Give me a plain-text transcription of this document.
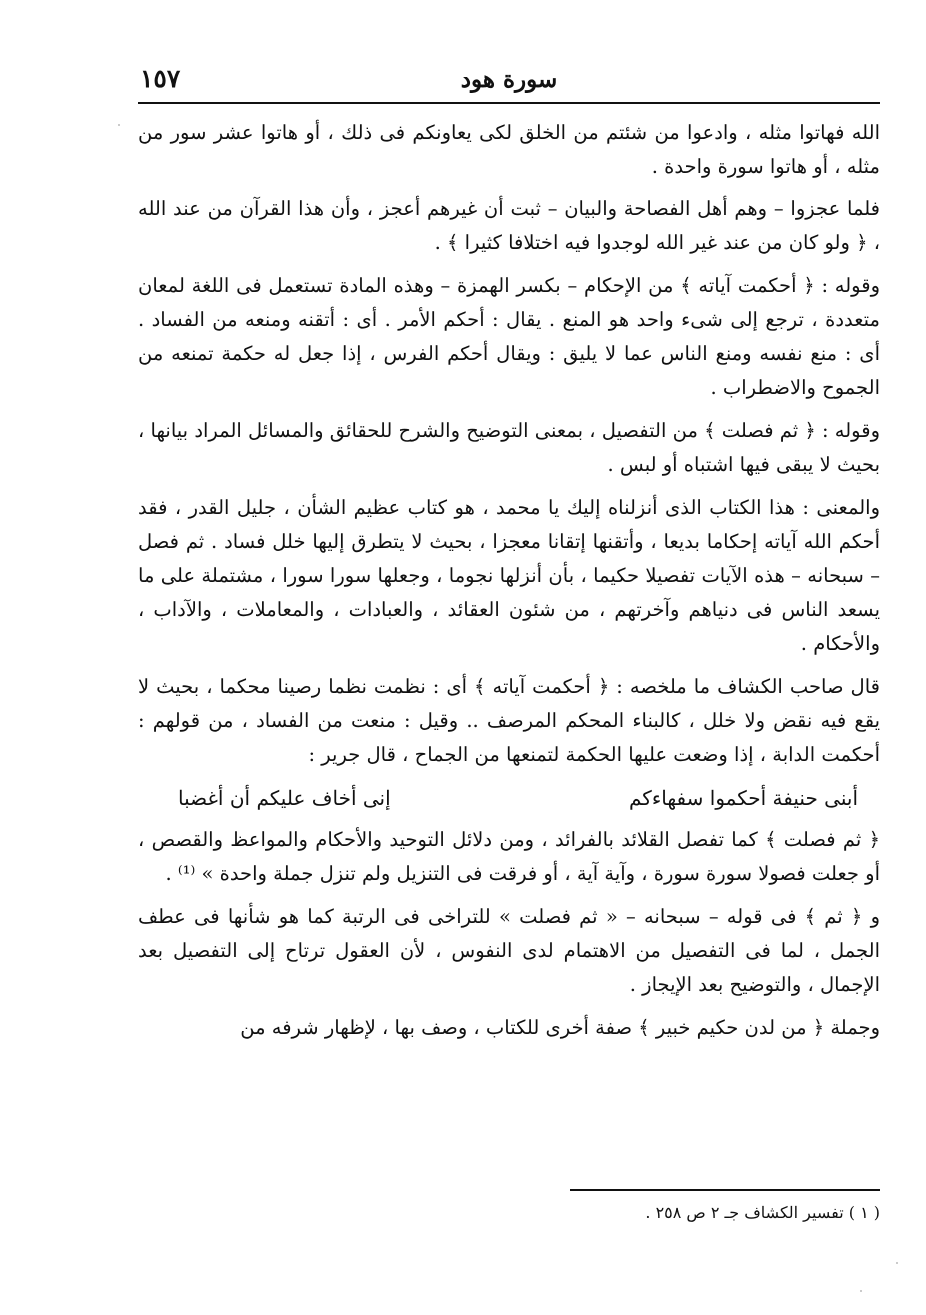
١٥٧	سورة هود

الله فهاتوا مثله ، وادعوا من شئتم من الخلق لكى يعاونكم فى ذلك ، أو هاتوا عشر سور من مثله ، أو هاتوا سورة واحدة .

فلما عجزوا – وهم أهل الفصاحة والبيان – ثبت أن غيرهم أعجز ، وأن هذا القرآن من عند الله ، ﴿ ولو كان من عند غير الله لوجدوا فيه اختلافا كثيرا ﴾ .

وقوله : ﴿ أحكمت آياته ﴾ من الإحكام – بكسر الهمزة – وهذه المادة تستعمل فى اللغة لمعان متعددة ، ترجع إلى شىء واحد هو المنع . يقال : أحكم الأمر . أى : أتقنه ومنعه من الفساد . أى : منع نفسه ومنع الناس عما لا يليق : ويقال أحكم الفرس ، إذا جعل له حكمة تمنعه من الجموح والاضطراب .

وقوله : ﴿ ثم فصلت ﴾ من التفصيل ، بمعنى التوضيح والشرح للحقائق والمسائل المراد بيانها ، بحيث لا يبقى فيها اشتباه أو لبس .

والمعنى : هذا الكتاب الذى أنزلناه إليك يا محمد ، هو كتاب عظيم الشأن ، جليل القدر ، فقد أحكم الله آياته إحكاما بديعا ، وأتقنها إتقانا معجزا ، بحيث لا يتطرق إليها خلل فساد . ثم فصل – سبحانه – هذه الآيات تفصيلا حكيما ، بأن أنزلها نجوما ، وجعلها سورا سورا ، مشتملة على ما يسعد الناس فى دنياهم وآخرتهم ، من شئون العقائد ، والعبادات ، والمعاملات ، والآداب ، والأحكام .

قال صاحب الكشاف ما ملخصه : ﴿ أحكمت آياته ﴾ أى : نظمت نظما رصينا محكما ، بحيث لا يقع فيه نقض ولا خلل ، كالبناء المحكم المرصف .. وقيل : منعت من الفساد ، من قولهم : أحكمت الدابة ، إذا وضعت عليها الحكمة لتمنعها من الجماح ، قال جرير :

أبنى حنيفة أحكموا سفهاءكم
إنى أخاف عليكم أن أغضبا

﴿ ثم فصلت ﴾ كما تفصل القلائد بالفرائد ، ومن دلائل التوحيد والأحكام والمواعظ والقصص ، أو جعلت فصولا سورة سورة ، وآية آية ، أو فرقت فى التنزيل ولم تنزل جملة واحدة » ⁽¹⁾ .

و ﴿ ثم ﴾ فى قوله – سبحانه – « ثم فصلت » للتراخى فى الرتبة كما هو شأنها فى عطف الجمل ، لما فى التفصيل من الاهتمام لدى النفوس ، لأن العقول ترتاح إلى التفصيل بعد الإجمال ، والتوضيح بعد الإيجاز .

وجملة ﴿ من لدن حكيم خبير ﴾ صفة أخرى للكتاب ، وصف بها ، لإظهار شرفه من

( ١ ) تفسير الكشاف جـ ٢ ص ٢٥٨ .
